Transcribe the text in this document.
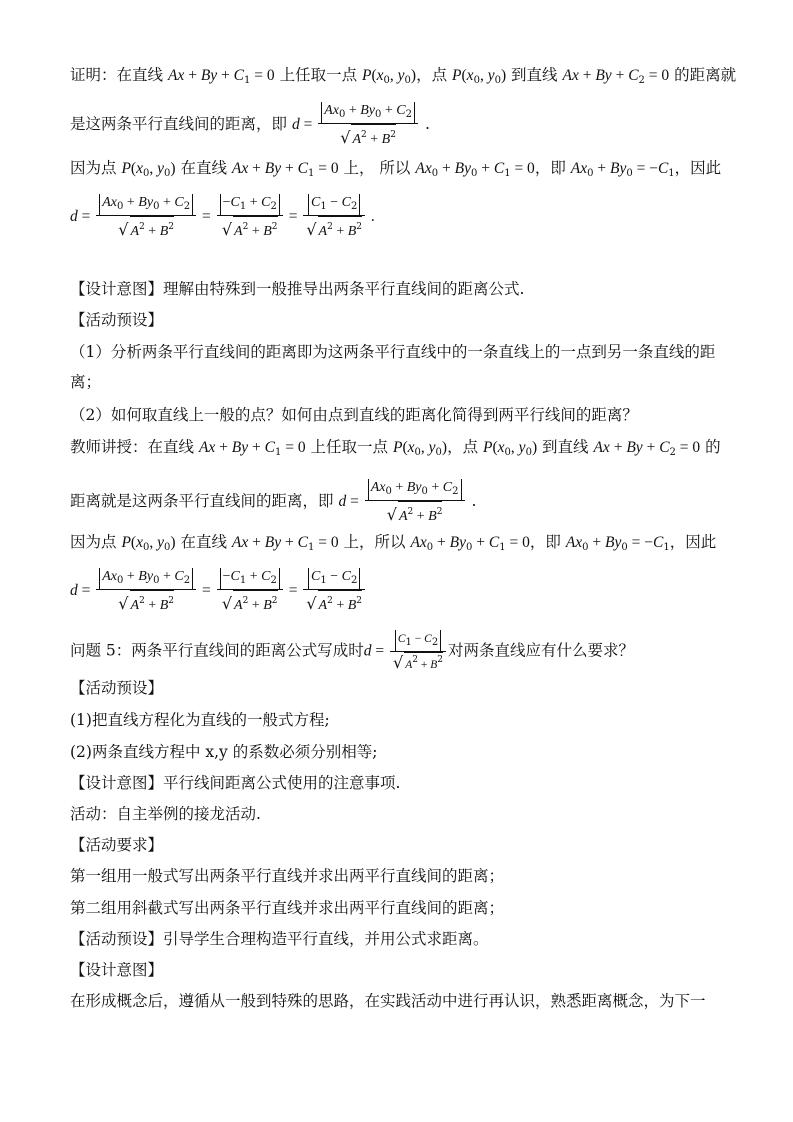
证明：在直线 $Ax + By + C_1 = 0$ 上任取一点 $P(x_0$, $y_0$)，点 $P(x_0$, $y_0$) 到直线 $Ax + By + C_2 = 0$ 的距离就
是这两条平行直线间的距离，即 $d = \frac{Ax_0 + By_0 + C_2}{√ A^2 + B^2}$ .
因为点 $P(x_0$, $y_0$) 在直线 $Ax + By + C_1 = 0$ 上， 所以 $Ax_0 + By_0 + C_1 = 0$，即 $Ax_0 + By_0 = -C_1$，因此
$d = \frac{Ax_0 + By_0 + C_2}{√ A^2 + B^2} = \frac{-C_1 + C_2}{√ A^2 + B^2} = \frac{C_1 - C_2}{√ A^2 + B^2}$ .
【设计意图】理解由特殊到一般推导出两条平行直线间的距离公式.
【活动预设】
（1）分析两条平行直线间的距离即为这两条平行直线中的一条直线上的一点到另一条直线的距
离；
（2）如何取直线上一般的点？如何由点到直线的距离化简得到两平行线间的距离？
教师讲授：在直线 $Ax + By + C_1 = 0$ 上任取一点 $P(x_0$, $y_0$)，点 $P(x_0$, $y_0$) 到直线 $Ax + By + C_2 = 0$ 的
距离就是这两条平行直线间的距离，即 $d = \frac{Ax_0 + By_0 + C_2}{√ A^2 + B^2}$ .
因为点 $P(x_0$, $y_0$) 在直线 $Ax + By + C_1 = 0$ 上，所以 $Ax_0 + By_0 + C_1 = 0$，即 $Ax_0 + By_0 = -C_1$，因此
$d = \frac{Ax_0 + By_0 + C_2}{√ A^2 + B^2} = \frac{-C_1 + C_2}{√ A^2 + B^2} = \frac{C_1 - C_2}{√ A^2 + B^2}$
问题 5：两条平行直线间的距离公式写成时$d = \frac{C_1 - C_2}{√ A^2 + B^2}$ 对两条直线应有什么要求？
【活动预设】
(1)把直线方程化为直线的一般式方程;
(2)两条直线方程中 x,y 的系数必须分别相等;
【设计意图】平行线间距离公式使用的注意事项.
活动：自主举例的接龙活动.
【活动要求】
第一组用一般式写出两条平行直线并求出两平行直线间的距离；
第二组用斜截式写出两条平行直线并求出两平行直线间的距离；
【活动预设】引导学生合理构造平行直线，并用公式求距离。
【设计意图】
在形成概念后，遵循从一般到特殊的思路，在实践活动中进行再认识，熟悉距离概念，为下一
